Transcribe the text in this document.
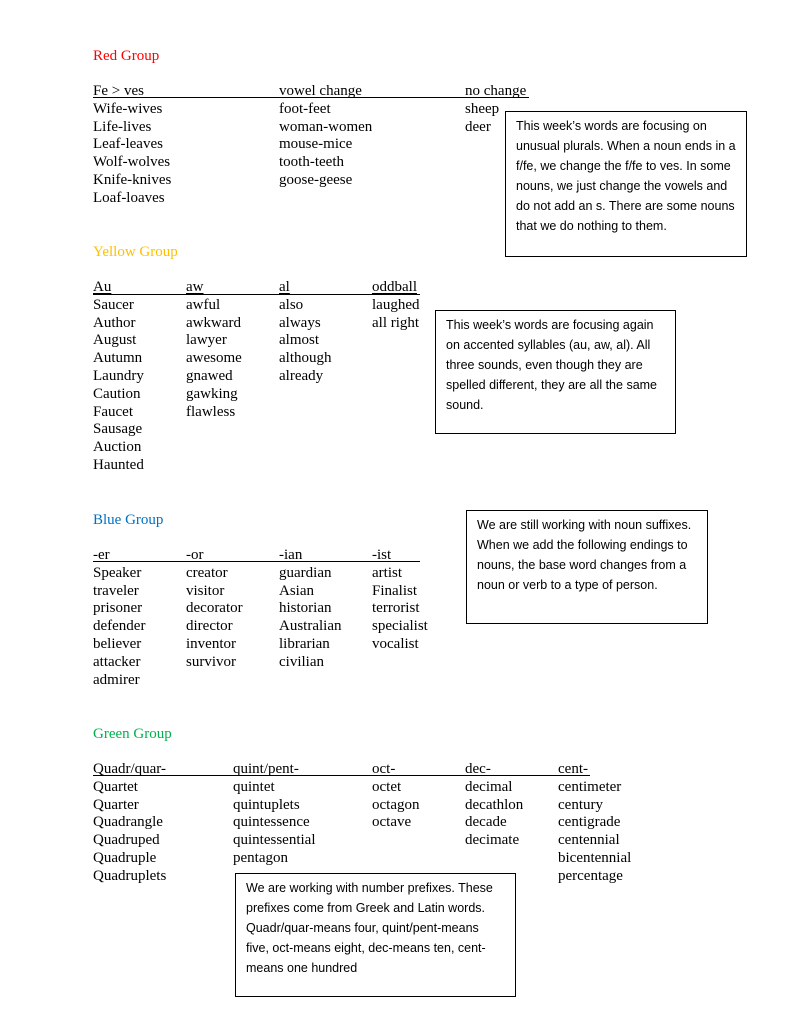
Red Group
Fe > ves
Wife-wives
Life-lives
Leaf-leaves
Wolf-wolves
Knife-knives
Loaf-loaves
vowel change
foot-feet
woman-women
mouse-mice
tooth-teeth
goose-geese
no change
sheep
deer	This week’s words are focusing on unusual plurals. When a noun ends in a f/fe, we change the f/fe to ves. In some nouns, we just change the vowels and do not add an s. There are some nouns that we do nothing to them.
Yellow Group
Au
Saucer
Author
August
Autumn
Laundry
Caution
Faucet
Sausage
Auction
Haunted
aw
awful
awkward
lawyer
awesome
gnawed
gawking
flawless
al
also
always
almost
although
already
oddball
laughed
all right	This week’s words are focusing again on accented syllables (au, aw, al). All three sounds, even though they are spelled different, they are all the same sound.
Blue Group
-er
Speaker
traveler
prisoner
defender
believer
attacker
admirer
-or
creator
visitor
decorator
director
inventor
survivor
-ian
guardian
Asian
historian
Australian
librarian
civilian
-ist
artist
Finalist
terrorist
specialist
vocalist
We are still working with noun suffixes. When we add the following endings to nouns, the base word changes from a noun or verb to a type of person.
Green Group
Quadr/quar-
Quartet
Quarter
Quadrangle
Quadruped
Quadruple
Quadruplets
quint/pent-
quintet
quintuplets
quintessence
quintessential
pentagon
oct-
octet
octagon
octave
dec-
decimal
decathlon
decade
decimate
cent-
centimeter
century
centigrade
centennial
bicentennial
percentage
We are working with number prefixes. These prefixes come from Greek and Latin words. Quadr/quar-means four, quint/pent-means five, oct-means eight, dec-means ten, cent-means one hundred
